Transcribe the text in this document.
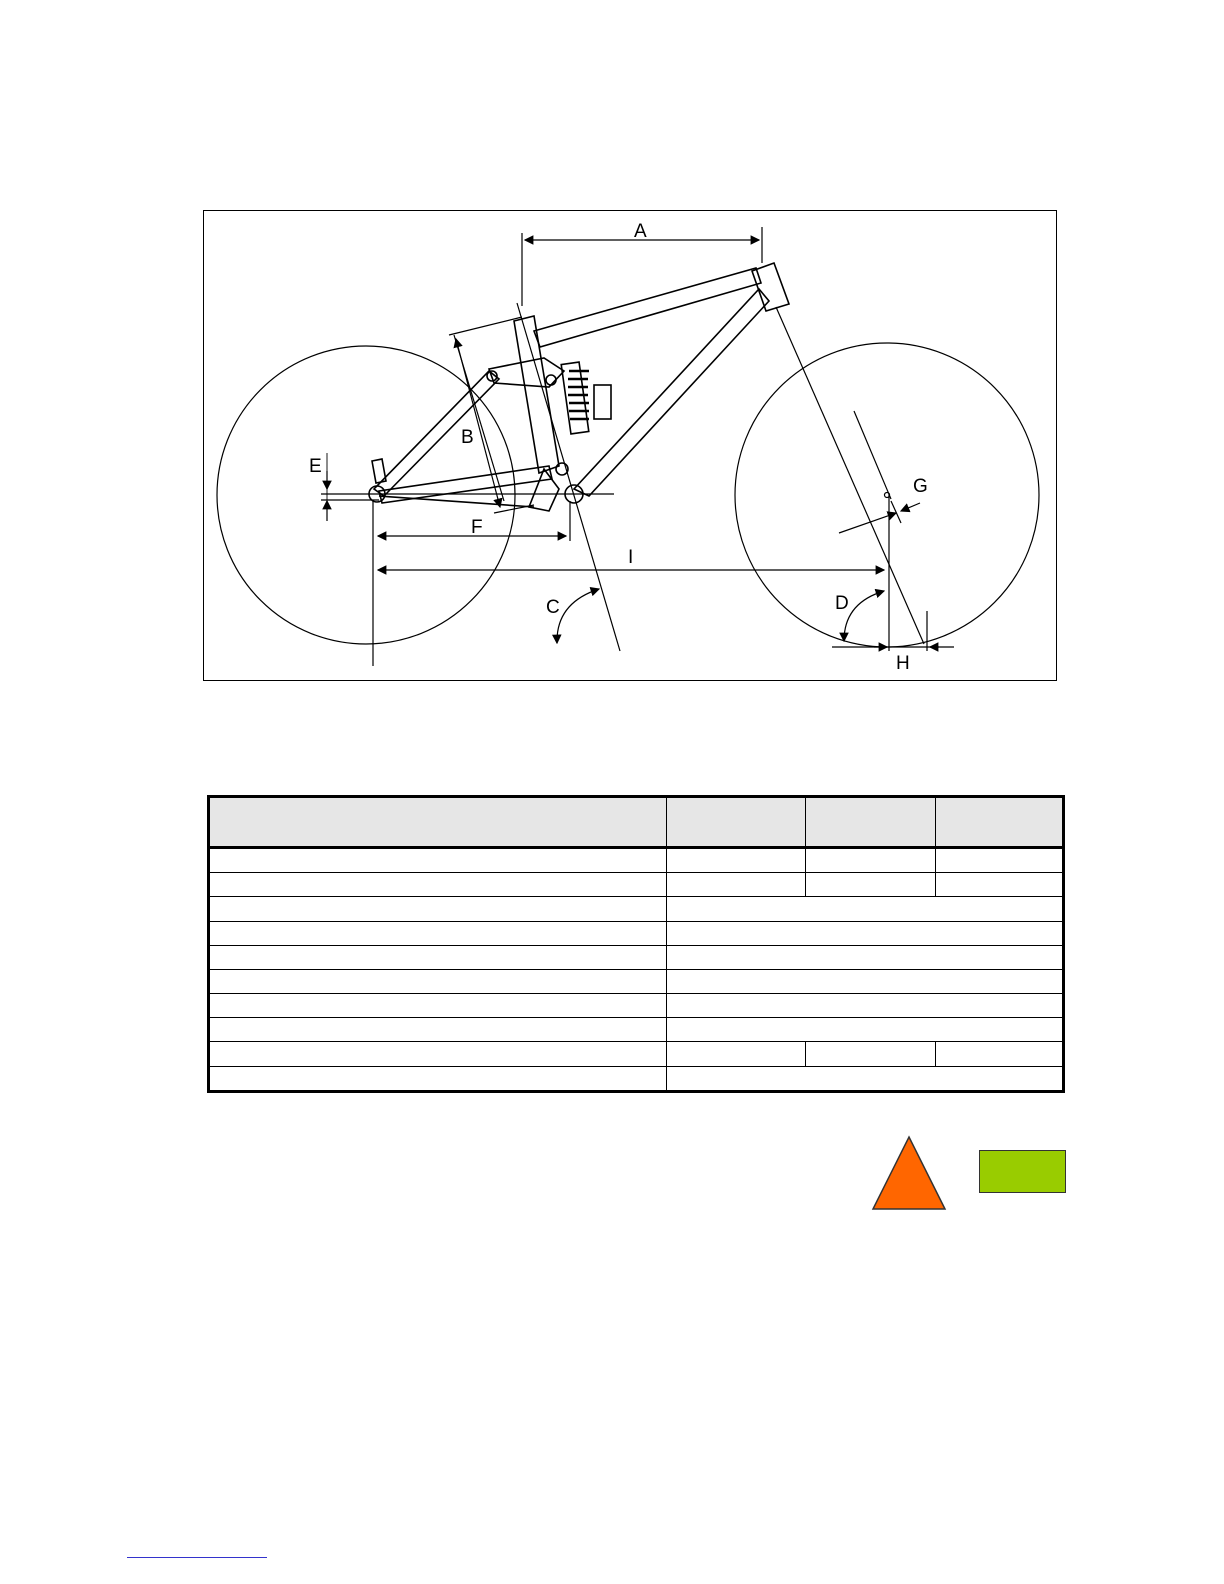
A
B
C	D
E
F
G
H
I
